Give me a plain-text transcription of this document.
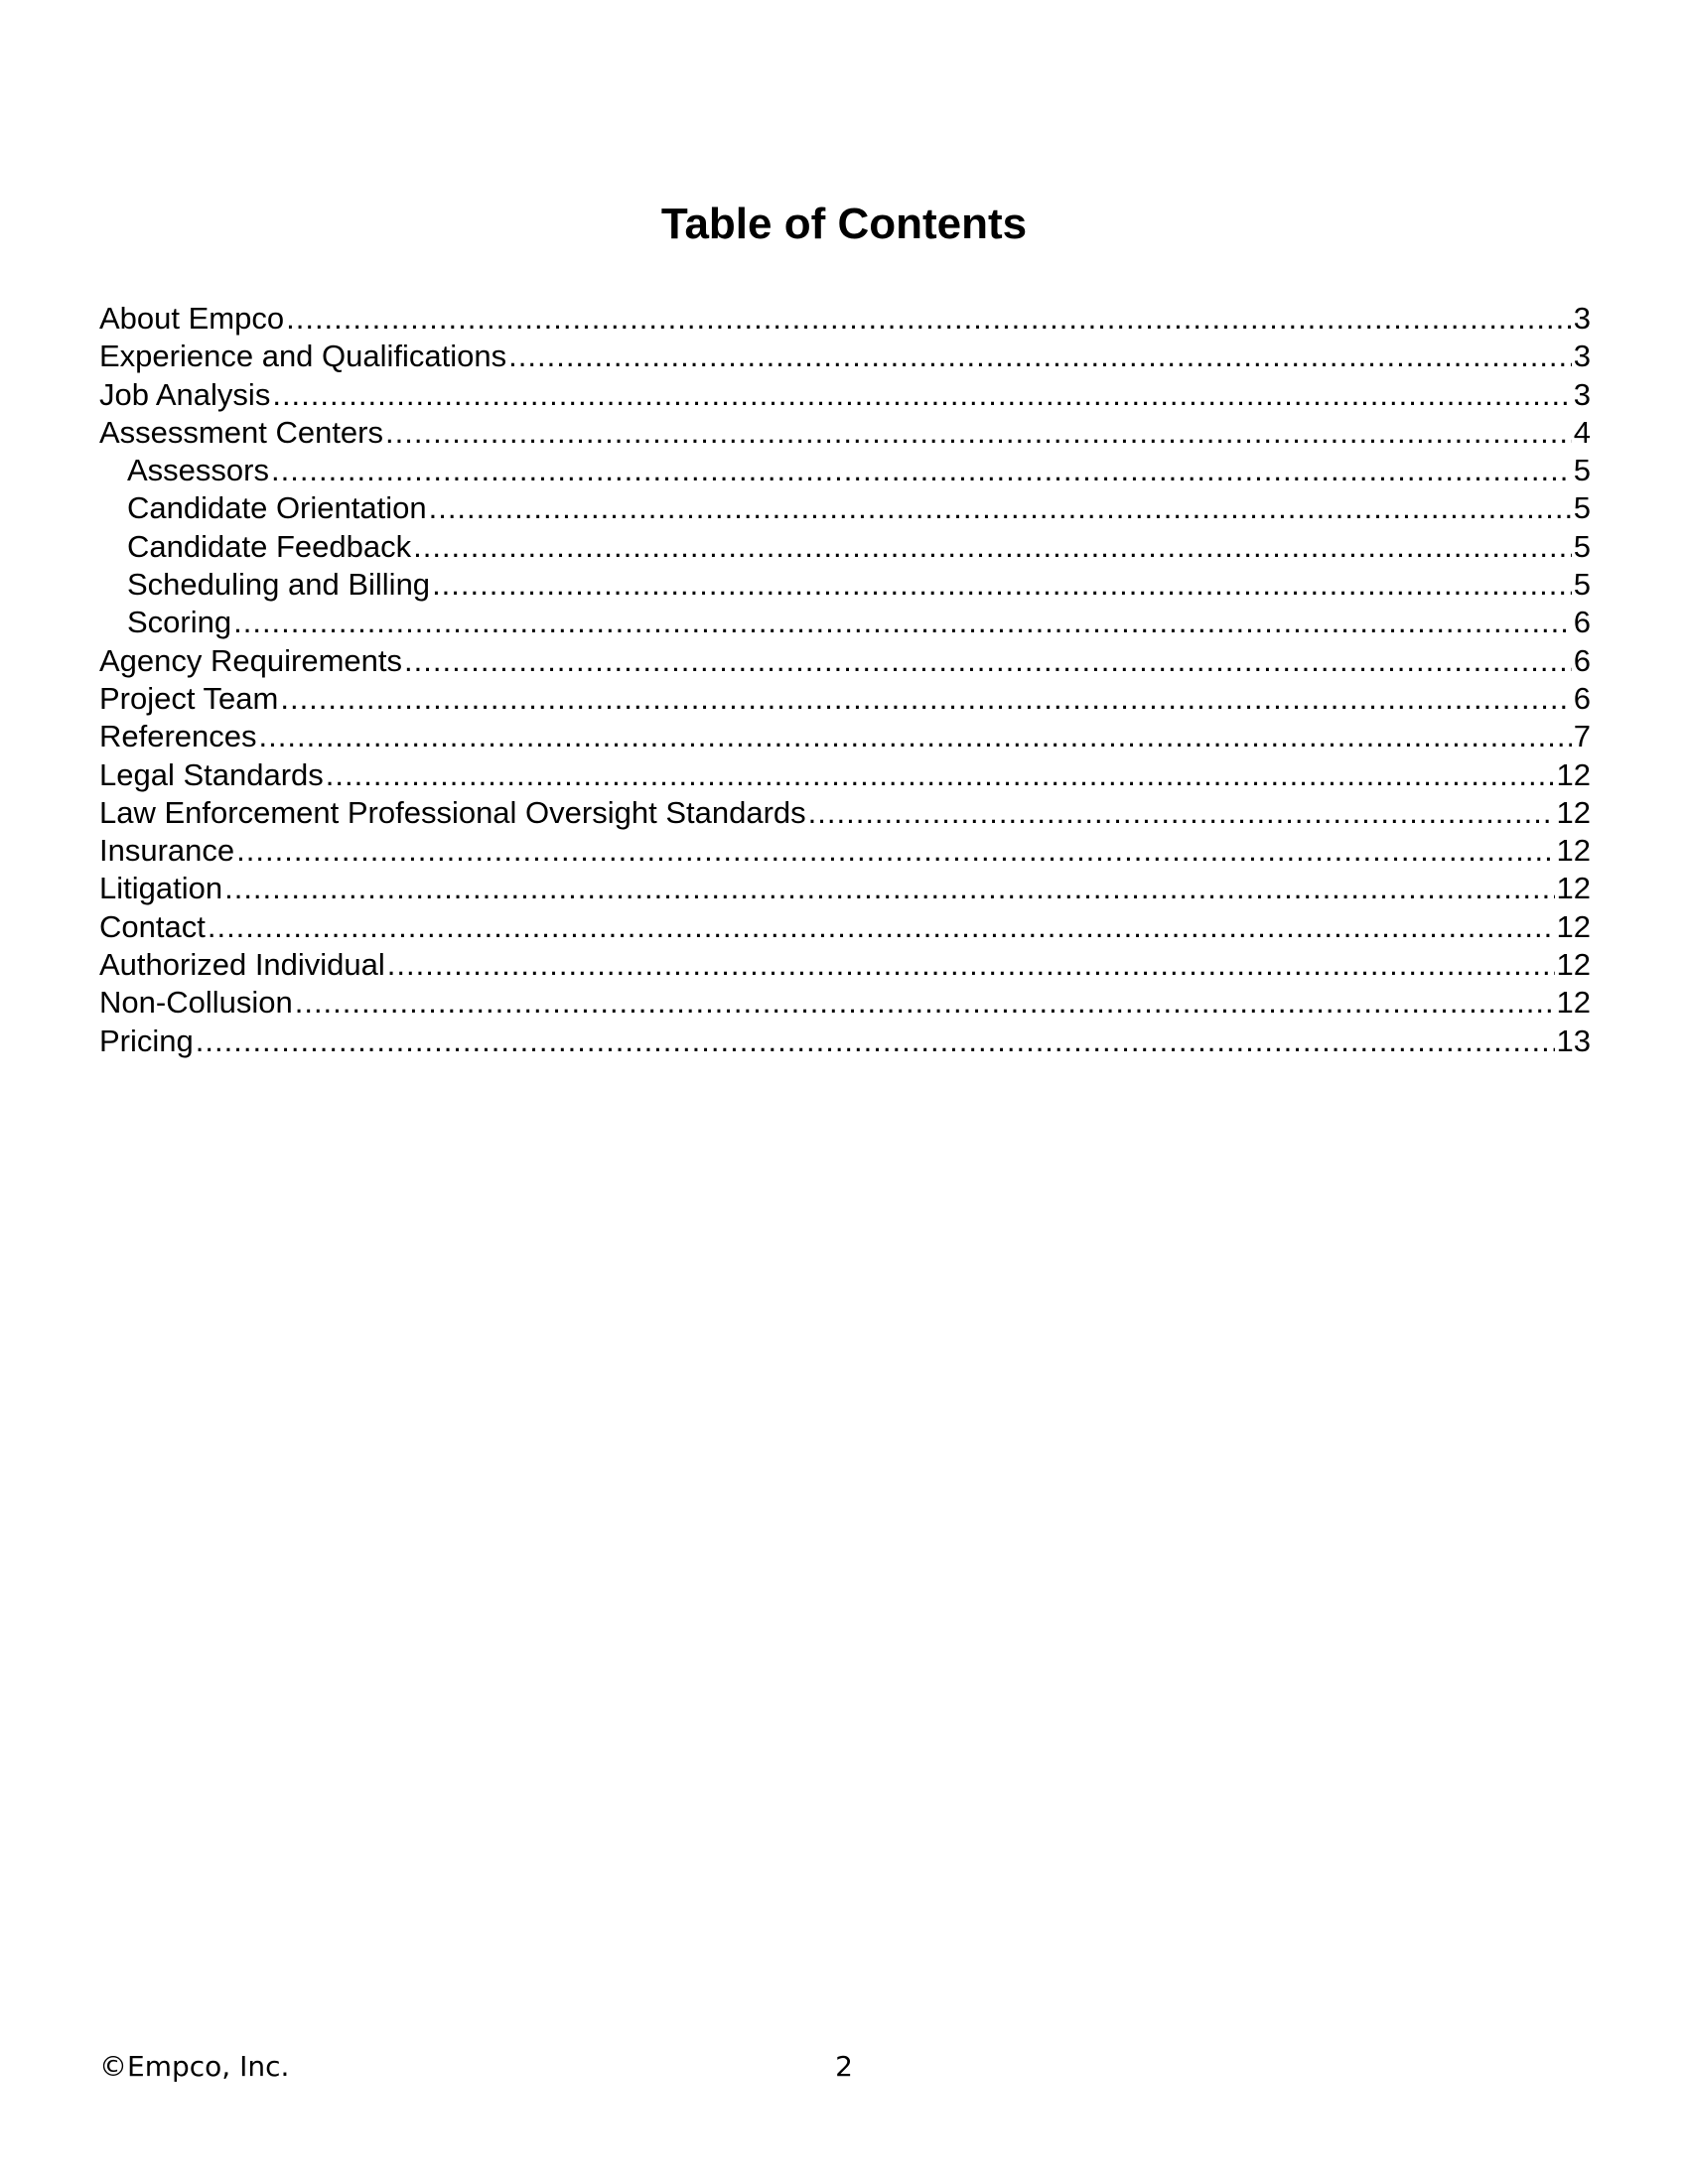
Table of Contents
About Empco .....	3
Experience and Qualifications .....	3
Job Analysis .....	3
Assessment Centers .....	4
Assessors .....	5
Candidate Orientation .....	5
Candidate Feedback .....	5
Scheduling and Billing .....	5
Scoring .....	6
Agency Requirements .....	6
Project Team .....	6
References .....	7
Legal Standards .....	12
Law Enforcement Professional Oversight Standards .....	12
Insurance .....	12
Litigation .....	12
Contact .....	12
Authorized Individual .....	12
Non-Collusion .....	12
Pricing .....	13
©Empco, Inc.	2
